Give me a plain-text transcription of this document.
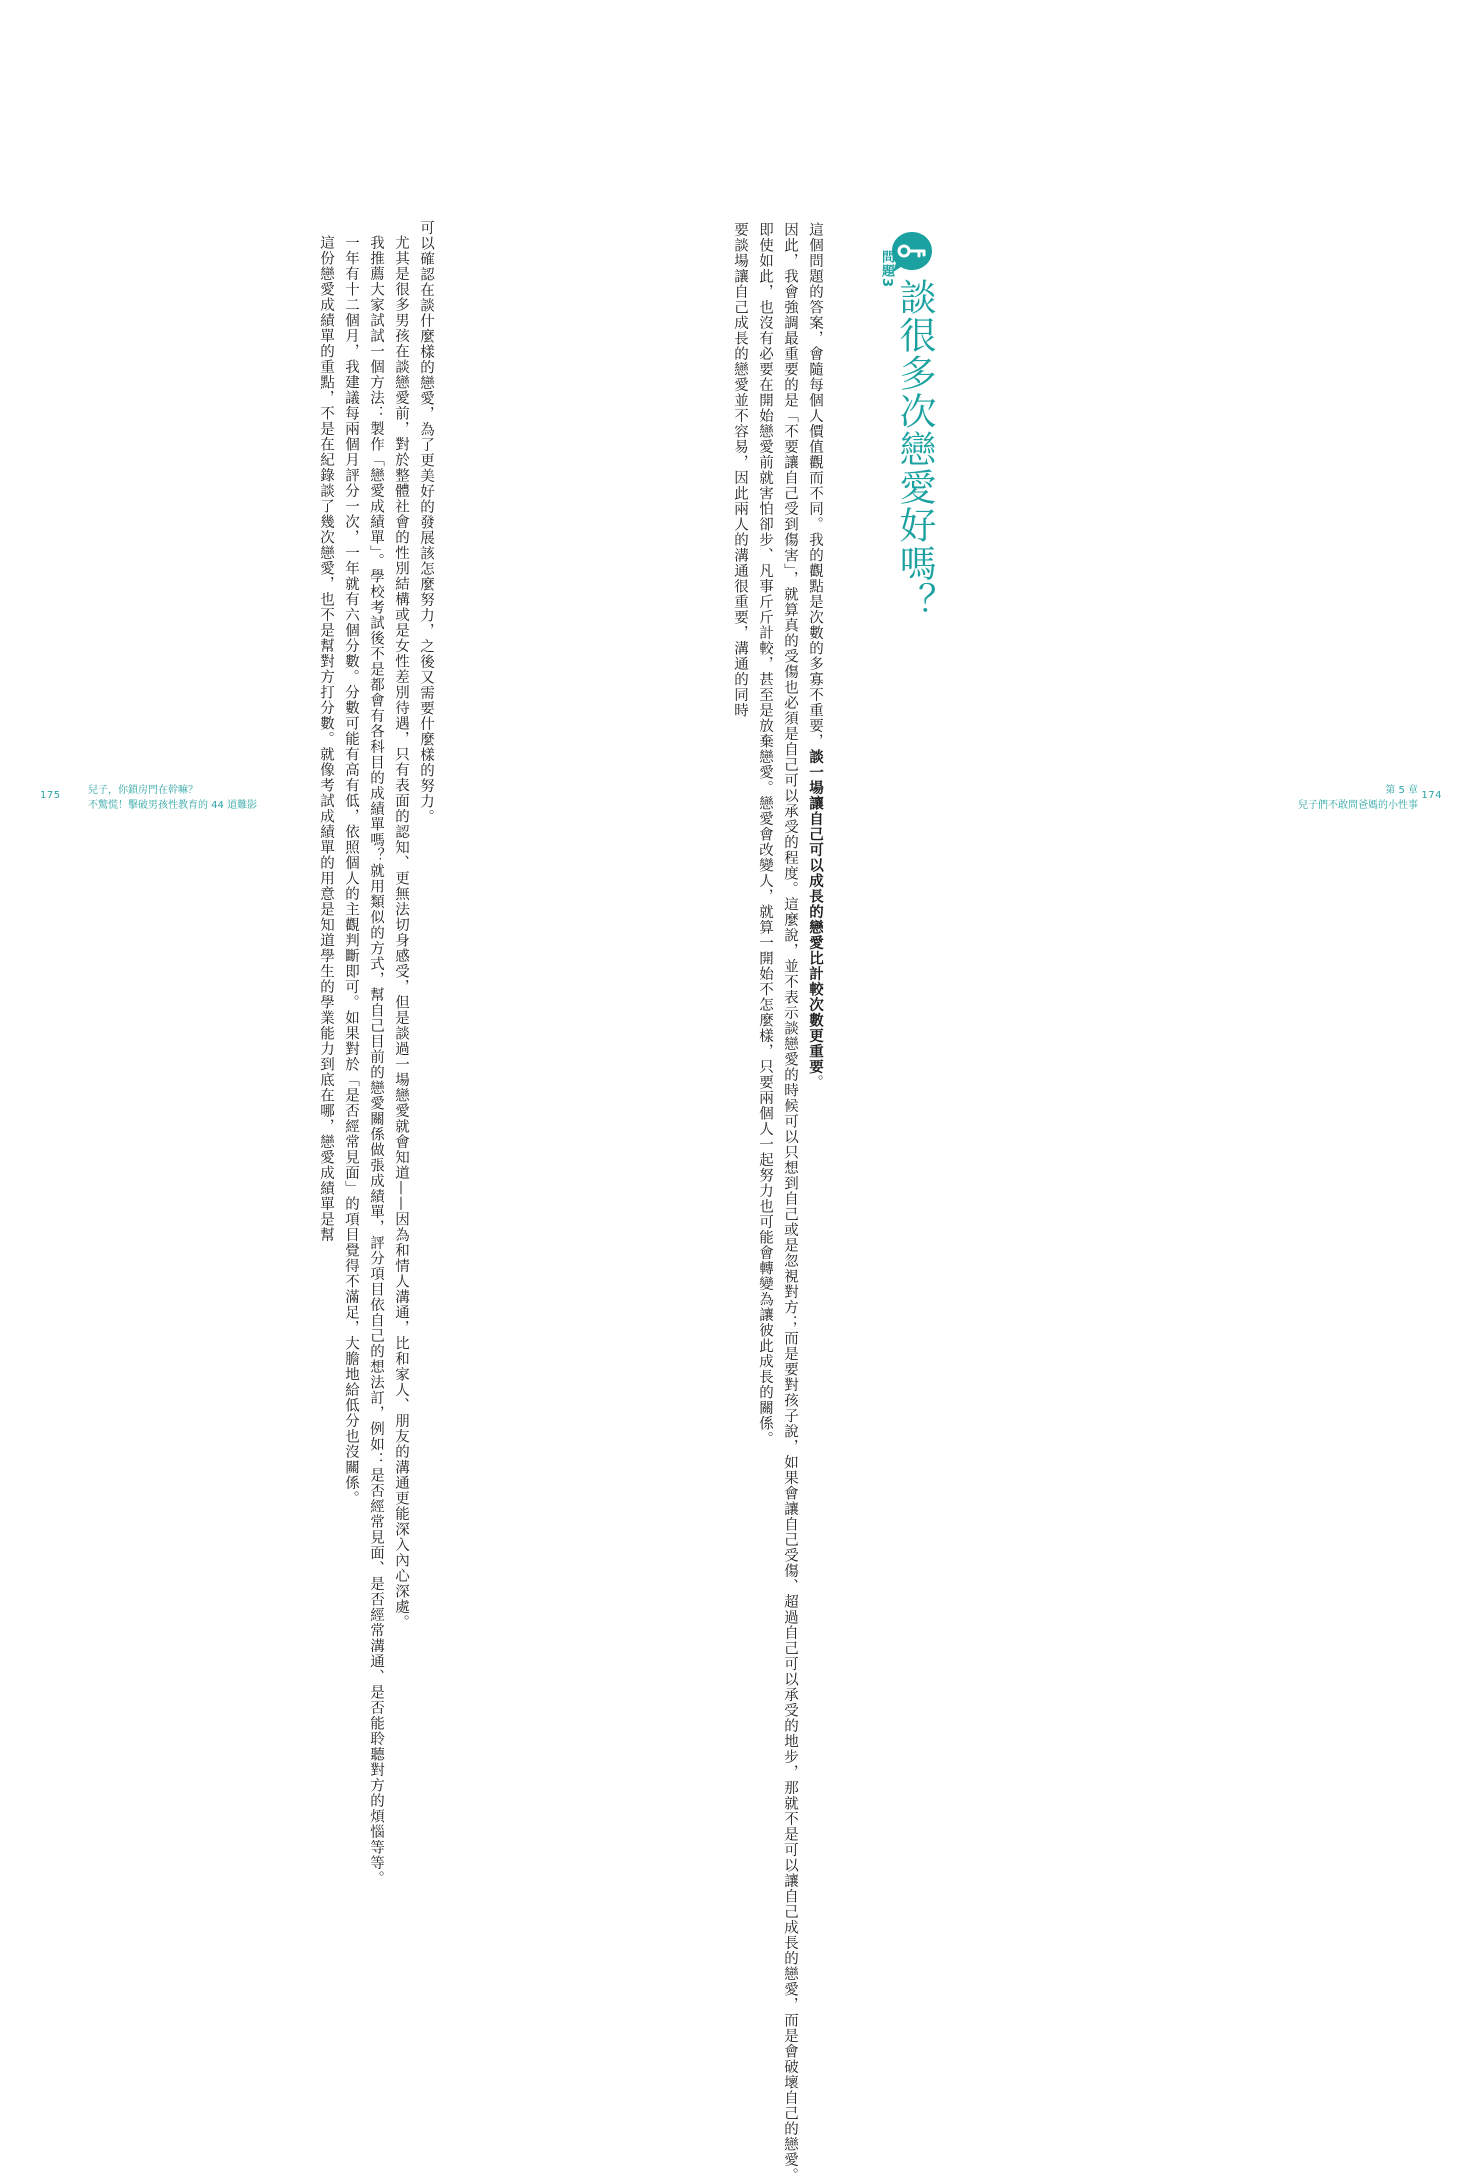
可以確認在談什麼樣的戀愛，為了更美好的發展該怎麼努力，之後又需要什麼樣的努力。
尤其是很多男孩在談戀愛前，對於整體社會的性別結構或是女性差別待遇，只有表面的認知、更無法切身感受，但是談過一場戀愛就會知道——因為和情人溝通，比和家人、朋友的溝通更能深入內心深處。
我推薦大家試試一個方法：製作「戀愛成績單」。學校考試後不是都會有各科目的成績單嗎？就用類似的方式，幫自己目前的戀愛關係做張成績單，評分項目依自己的想法訂，例如：是否經常見面、是否經常溝通、是否能聆聽對方的煩惱等等。
一年有十二個月，我建議每兩個月評分一次，一年就有六個分數。分數可能有高有低，依照個人的主觀判斷即可。如果對於「是否經常見面」的項目覺得不滿足，大膽地給低分也沒關係。
這份戀愛成績單的重點，不是在紀錄談了幾次戀愛，也不是幫對方打分數。就像考試成績單的用意是知道學生的學業能力到底在哪，戀愛成績單是幫
175	兒子，你鎖房門在幹嘛？
不驚慌！擊破男孩性教育的 44 道難影
問題3
談很多次戀愛好嗎？
這個問題的答案，會隨每個人價值觀而不同。我的觀點是次數的多寡不重要，談一場讓自己可以成長的戀愛比計較次數更重要。
因此，我會強調最重要的是「不要讓自己受到傷害」，就算真的受傷也必須是自己可以承受的程度。這麼說，並不表示談戀愛的時候可以只想到自己或是忽視對方；而是要對孩子說，如果會讓自己受傷、超過自己可以承受的地步，那就不是可以讓自己成長的戀愛，而是會破壞自己的戀愛。
即使如此，也沒有必要在開始戀愛前就害怕卻步、凡事斤斤計較，甚至是放棄戀愛。戀愛會改變人，就算一開始不怎麼樣，只要兩個人一起努力也可能會轉變為讓彼此成長的關係。
要談場讓自己成長的戀愛並不容易，因此兩人的溝通很重要，溝通的同時
第 5 章
兒子們不敢問爸媽的小性事
174
